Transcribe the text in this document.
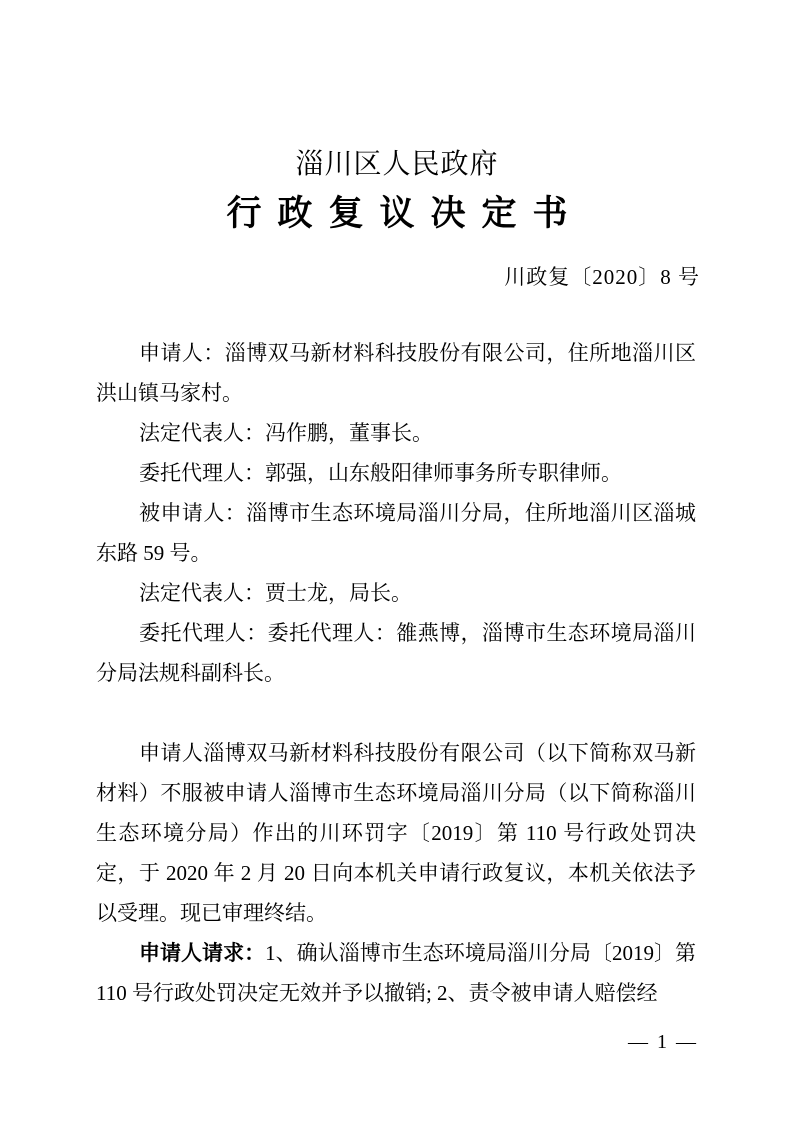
淄川区人民政府
行政复议决定书
川政复〔2020〕8 号

申请人：淄博双马新材料科技股份有限公司，住所地淄川区洪山镇马家村。

法定代表人：冯作鹏，董事长。

委托代理人：郭强，山东般阳律师事务所专职律师。

被申请人：淄博市生态环境局淄川分局，住所地淄川区淄城东路 59 号。

法定代表人：贾士龙，局长。

委托代理人：委托代理人：雒燕博，淄博市生态环境局淄川分局法规科副科长。

申请人淄博双马新材料科技股份有限公司（以下简称双马新材料）不服被申请人淄博市生态环境局淄川分局（以下简称淄川生态环境分局）作出的川环罚字〔2019〕第 110 号行政处罚决定，于 2020 年 2 月 20 日向本机关申请行政复议，本机关依法予以受理。现已审理终结。

申请人请求：1、确认淄博市生态环境局淄川分局〔2019〕第 110 号行政处罚决定无效并予以撤销; 2、责令被申请人赔偿经

— 1 —
